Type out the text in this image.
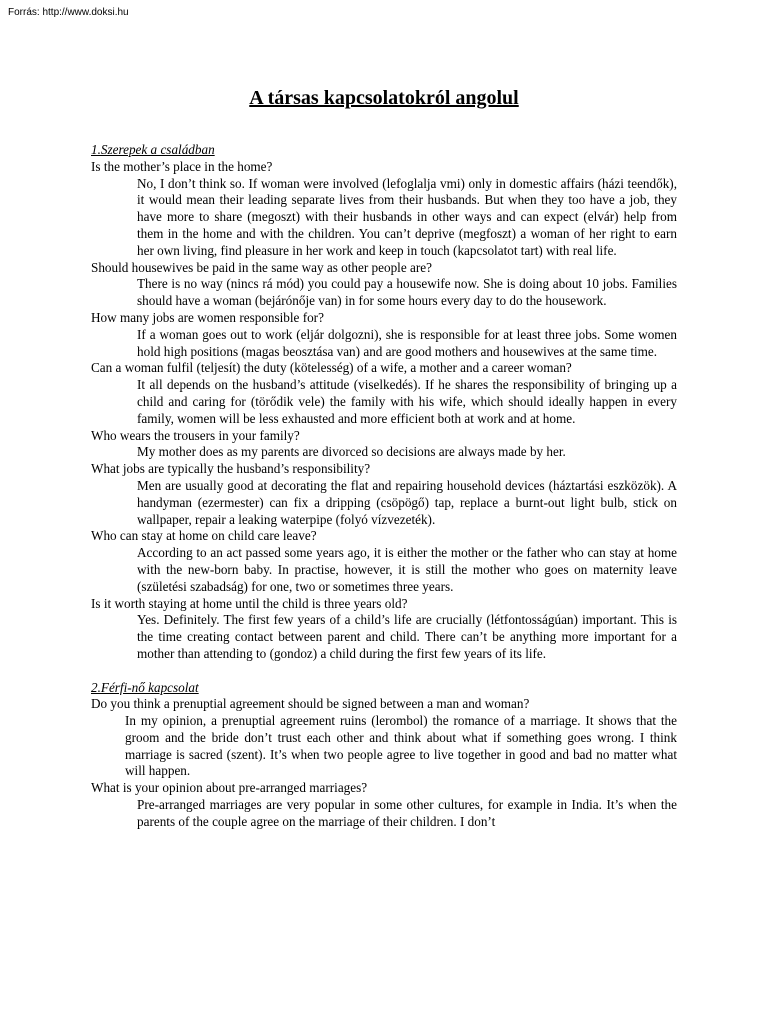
Forrás: http://www.doksi.hu
A társas kapcsolatokról angolul
1.Szerepek a családban
Is the mother’s place in the home?
No, I don’t think so. If woman were involved (lefoglalja vmi) only in domestic affairs (házi teendők), it would mean their leading separate lives from their husbands. But when they too have a job, they have more to share (megoszt) with their husbands in other ways and can expect (elvár) help from them in the home and with the children. You can’t deprive (megfoszt) a woman of her right to earn her own living, find pleasure in her work and keep in touch (kapcsolatot tart) with real life.
Should housewives be paid in the same way as other people are?
There is no way (nincs rá mód) you could pay a housewife now. She is doing about 10 jobs. Families should have a woman (bejárónője van) in for some hours every day to do the housework.
How many jobs are women responsible for?
If a woman goes out to work (eljár dolgozni), she is responsible for at least three jobs. Some women hold high positions (magas beosztása van) and are good mothers and housewives at the same time.
Can a woman fulfil (teljesít) the duty (kötelesség) of a wife, a mother and a career woman?
It all depends on the husband’s attitude (viselkedés). If he shares the responsibility of bringing up a child and caring for (törődik vele) the family with his wife, which should ideally happen in every family, women will be less exhausted and more efficient both at work and at home.
Who wears the trousers in your family?
My mother does as my parents are divorced so decisions are always made by her.
What jobs are typically the husband’s responsibility?
Men are usually good at decorating the flat and repairing household devices (háztartási eszközök). A handyman (ezermester) can fix a dripping (csöpögő) tap, replace a burnt-out light bulb, stick on wallpaper, repair a leaking waterpipe (folyó vízvezeték).
Who can stay at home on child care leave?
According to an act passed some years ago, it is either the mother or the father who can stay at home with the new-born baby. In practise, however, it is still the mother who goes on maternity leave (születési szabadság) for one, two or sometimes three years.
Is it worth staying at home until the child is three years old?
Yes. Definitely. The first few years of a child’s life are crucially (létfontosságúan) important. This is the time creating contact between parent and child. There can’t be anything more important for a mother than attending to (gondoz) a child during the first few years of its life.
2.Férfi-nő kapcsolat
Do you think a prenuptial agreement should be signed between a man and woman?
In my opinion, a prenuptial agreement ruins (lerombol) the romance of a marriage. It shows that the groom and the bride don’t trust each other and think about what if something goes wrong. I think marriage is sacred (szent). It’s when two people agree to live together in good and bad no matter what will happen.
What is your opinion about pre-arranged marriages?
Pre-arranged marriages are very popular in some other cultures, for example in India. It’s when the parents of the couple agree on the marriage of their children. I don’t
